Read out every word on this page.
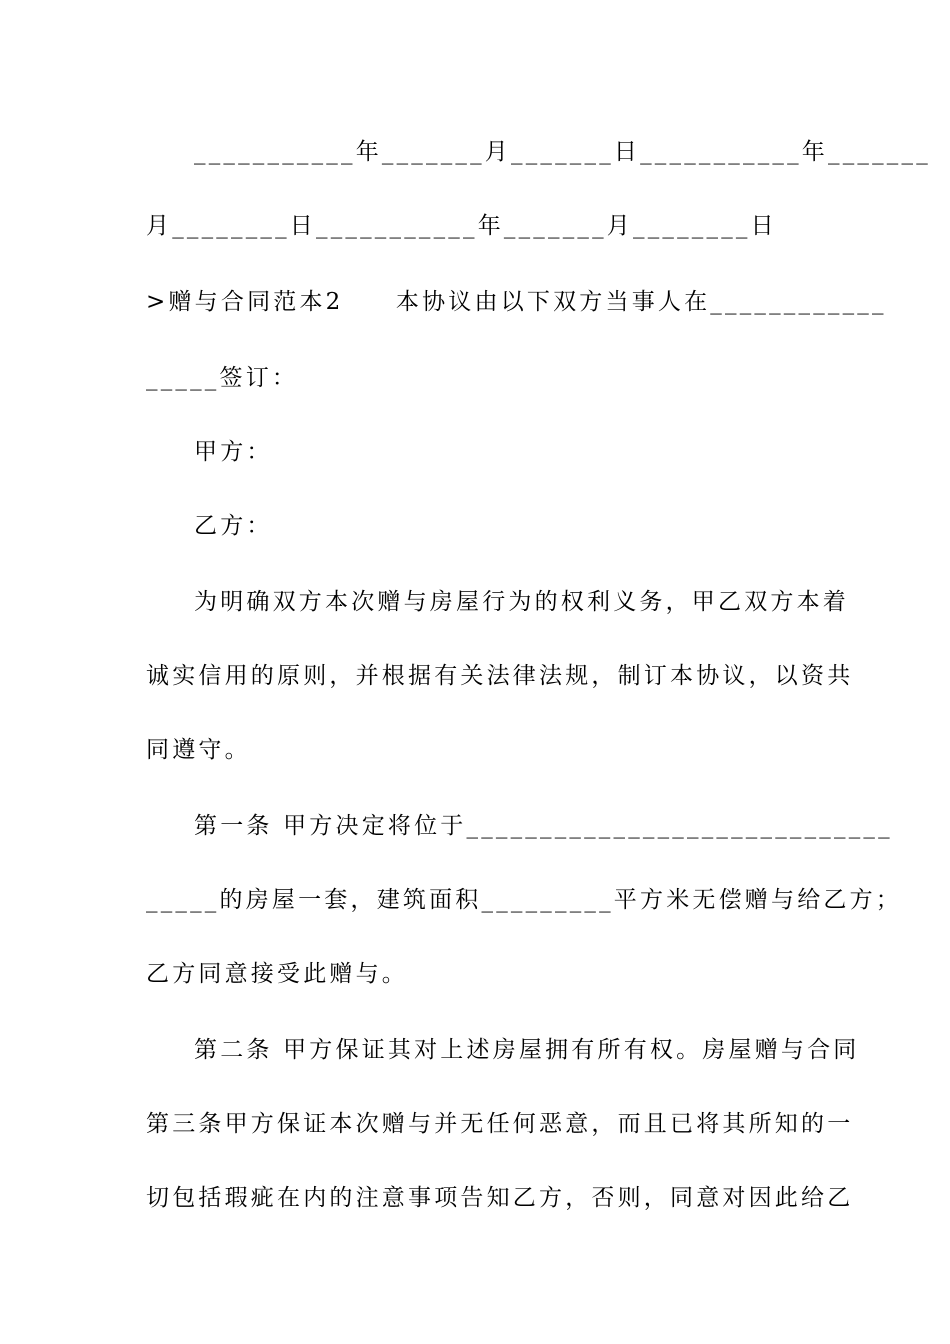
___________年_______月_______日___________年_______
月________日___________年_______月________日
>赠与合同范本2　　本协议由以下双方当事人在____________
_____签订：
甲方：
乙方：
为明确双方本次赠与房屋行为的权利义务，甲乙双方本着
诚实信用的原则，并根据有关法律法规，制订本协议，以资共
同遵守。
第一条 甲方决定将位于_____________________________
_____的房屋一套，建筑面积_________平方米无偿赠与给乙方；
乙方同意接受此赠与。
第二条 甲方保证其对上述房屋拥有所有权。房屋赠与合同
第三条甲方保证本次赠与并无任何恶意，而且已将其所知的一
切包括瑕疵在内的注意事项告知乙方，否则，同意对因此给乙
